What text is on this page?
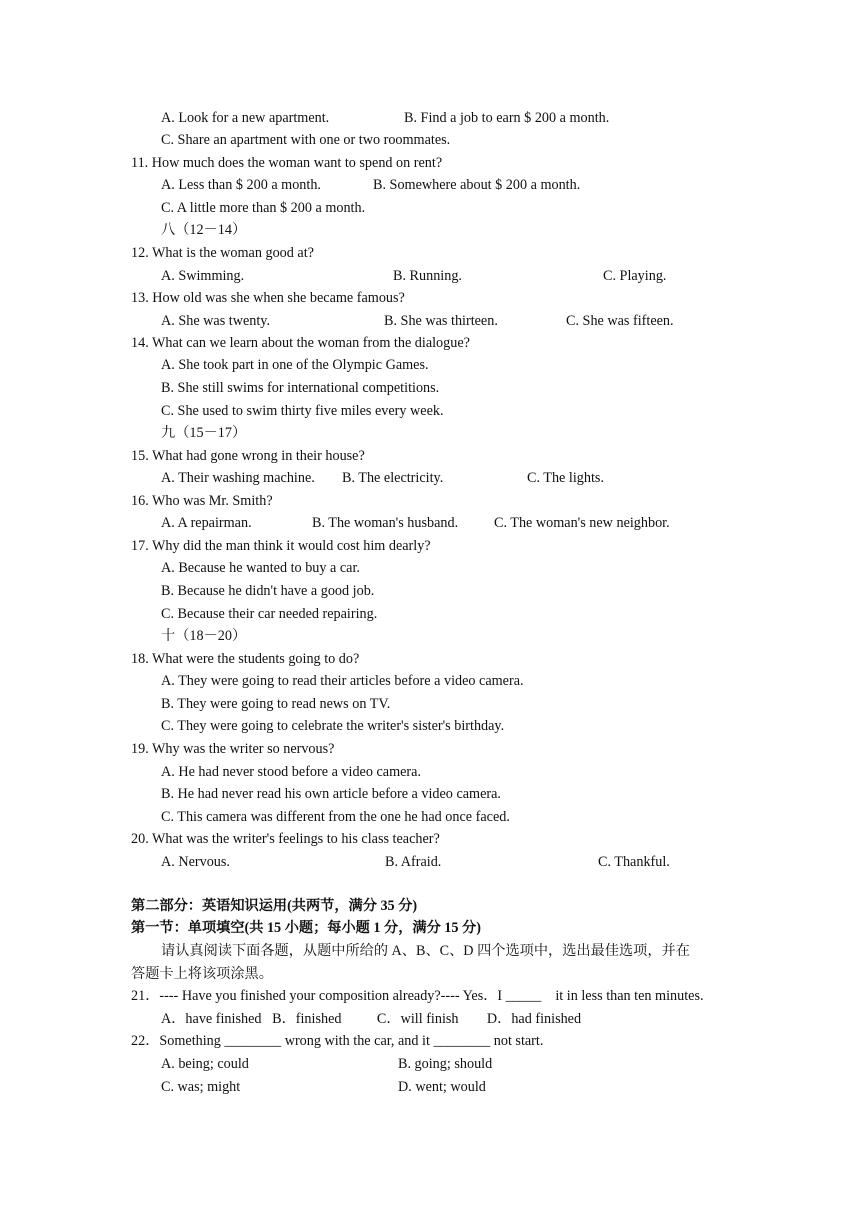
A. Look for a new apartment.	B. Find a job to earn $ 200 a month.
C. Share an apartment with one or two roommates.
11. How much does the woman want to spend on rent?
A. Less than $ 200 a month.	B. Somewhere about $ 200 a month.
C. A little more than $ 200 a month.
八（12－14）
12. What is the woman good at?
A. Swimming.	B. Running.	C. Playing.
13. How old was she when she became famous?
A. She was twenty.	B. She was thirteen.	C. She was fifteen.
14. What can we learn about the woman from the dialogue?
A. She took part in one of the Olympic Games.
B. She still swims for international competitions.
C. She used to swim thirty five miles every week.
九（15－17）
15. What had gone wrong in their house?
A. Their washing machine. B. The electricity.	C. The lights.
16. Who was Mr. Smith?
A. A repairman.	B. The woman's husband.	C. The woman's new neighbor.
17. Why did the man think it would cost him dearly?
A. Because he wanted to buy a car.
B. Because he didn't have a good job.
C. Because their car needed repairing.
十（18－20）
18. What were the students going to do?
A. They were going to read their articles before a video camera.
B. They were going to read news on TV.
C. They were going to celebrate the writer's sister's birthday.
19. Why was the writer so nervous?
A. He had never stood before a video camera.
B. He had never read his own article before a video camera.
C. This camera was different from the one he had once faced.
20. What was the writer's feelings to his class teacher?
A. Nervous.	B. Afraid.	C. Thankful.
第二部分：英语知识运用(共两节，满分 35 分)
第一节：单项填空(共 15 小题；每小题 1 分，满分 15 分)
请认真阅读下面各题，从题中所给的 A、B、C、D 四个选项中，选出最佳选项，并在
答题卡上将该项涂黑。
21．---- Have you finished your composition already?---- Yes．I _____    it in less than ten minutes.
A．have finished   B．finished          C．will finish        D．had finished
22．Something ________ wrong with the car, and it ________ not start.
A. being; could	B. going; should
C. was; might	D. went; would
